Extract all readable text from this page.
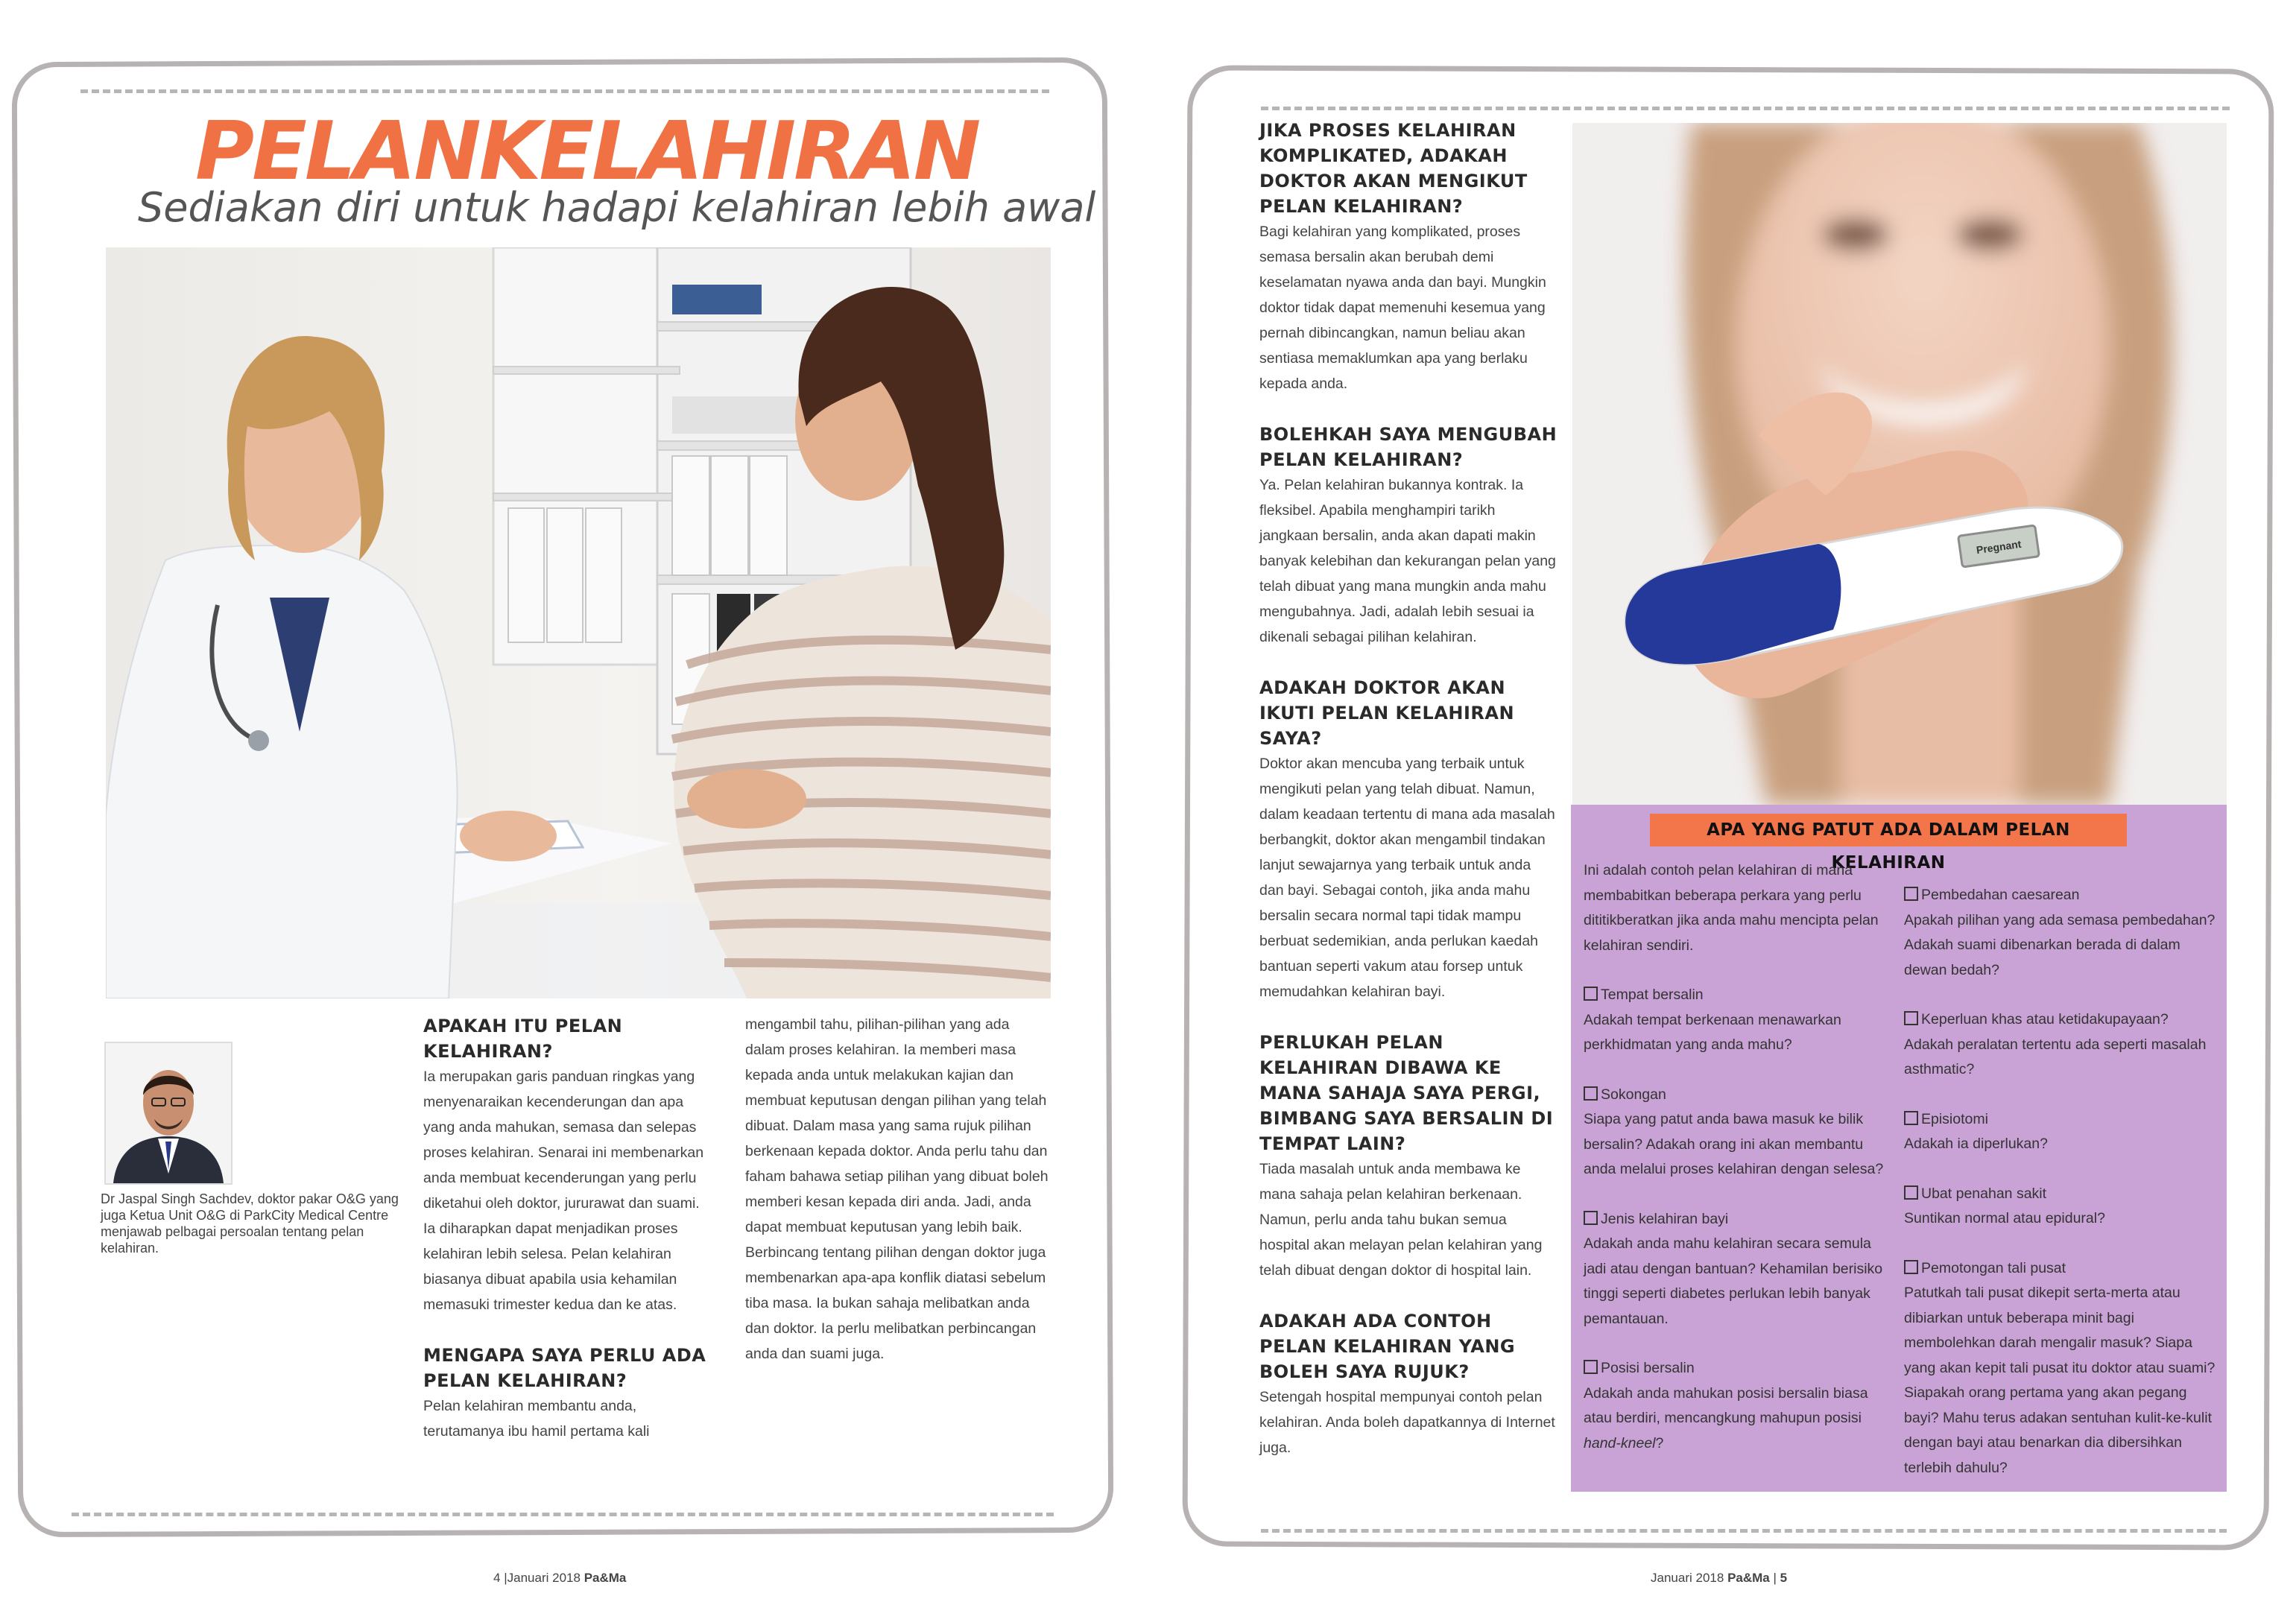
PELANKELAHIRAN
Sediakan diri untuk hadapi kelahiran lebih awal
Dr Jaspal Singh Sachdev, doktor pakar O&G yang juga Ketua Unit O&G di ParkCity Medical Centre menjawab pelbagai persoalan tentang pelan kelahiran.
APAKAH ITU PELAN KELAHIRAN?

Ia merupakan garis panduan ringkas yang menyenaraikan kecenderungan dan apa yang anda mahukan, semasa dan selepas proses kelahiran. Senarai ini membenarkan anda membuat kecenderungan yang perlu diketahui oleh doktor, jururawat dan suami. Ia diharapkan dapat menjadikan proses kelahiran lebih selesa. Pelan kelahiran biasanya dibuat apabila usia kehamilan memasuki trimester kedua dan ke atas.

MENGAPA SAYA PERLU ADA PELAN KELAHIRAN?

Pelan kelahiran membantu anda, terutamanya ibu hamil pertama kali

mengambil tahu, pilihan-pilihan yang ada dalam proses kelahiran. Ia memberi masa kepada anda untuk melakukan kajian dan membuat keputusan dengan pilihan yang telah dibuat. Dalam masa yang sama rujuk pilihan berkenaan kepada doktor. Anda perlu tahu dan faham bahawa setiap pilihan yang dibuat boleh memberi kesan kepada diri anda. Jadi, anda dapat membuat keputusan yang lebih baik. Berbincang tentang pilihan dengan doktor juga membenarkan apa-apa konflik diatasi sebelum tiba masa. Ia bukan sahaja melibatkan anda dan doktor. Ia perlu melibatkan perbincangan anda dan suami juga.

4 |Januari 2018 Pa&Ma
JIKA PROSES KELAHIRAN KOMPLIKATED, ADAKAH DOKTOR AKAN MENGIKUT PELAN KELAHIRAN?

Bagi kelahiran yang komplikated, proses semasa bersalin akan berubah demi keselamatan nyawa anda dan bayi. Mungkin doktor tidak dapat memenuhi kesemua yang pernah dibincangkan, namun beliau akan sentiasa memaklumkan apa yang berlaku kepada anda.

BOLEHKAH SAYA MENGUBAH PELAN KELAHIRAN?

Ya. Pelan kelahiran bukannya kontrak. Ia fleksibel. Apabila menghampiri tarikh jangkaan bersalin, anda akan dapati makin banyak kelebihan dan kekurangan pelan yang telah dibuat yang mana mungkin anda mahu mengubahnya. Jadi, adalah lebih sesuai ia dikenali sebagai pilihan kelahiran.

ADAKAH DOKTOR AKAN IKUTI PELAN KELAHIRAN SAYA?

Doktor akan mencuba yang terbaik untuk mengikuti pelan yang telah dibuat. Namun, dalam keadaan tertentu di mana ada masalah berbangkit, doktor akan mengambil tindakan lanjut sewajarnya yang terbaik untuk anda dan bayi. Sebagai contoh, jika anda mahu bersalin secara normal tapi tidak mampu berbuat sedemikian, anda perlukan kaedah bantuan seperti vakum atau forsep untuk memudahkan kelahiran bayi.

PERLUKAH PELAN KELAHIRAN DIBAWA KE MANA SAHAJA SAYA PERGI, BIMBANG SAYA BERSALIN DI TEMPAT LAIN?

Tiada masalah untuk anda membawa ke mana sahaja pelan kelahiran berkenaan. Namun, perlu anda tahu bukan semua hospital akan melayan pelan kelahiran yang telah dibuat dengan doktor di hospital lain.

ADAKAH ADA CONTOH PELAN KELAHIRAN YANG BOLEH SAYA RUJUK?

Setengah hospital mempunyai contoh pelan kelahiran. Anda boleh dapatkannya di Internet juga.

Pregnant
APA YANG PATUT ADA DALAM PELAN KELAHIRAN

Ini adalah contoh pelan kelahiran di mana membabitkan beberapa perkara yang perlu dititikberatkan jika anda mahu mencipta pelan kelahiran sendiri.

Tempat bersalin

Adakah tempat berkenaan menawarkan perkhidmatan yang anda mahu?

Sokongan

Siapa yang patut anda bawa masuk ke bilik bersalin? Adakah orang ini akan membantu anda melalui proses kelahiran dengan selesa?

Jenis kelahiran bayi

Adakah anda mahu kelahiran secara semula jadi atau dengan bantuan? Kehamilan berisiko tinggi seperti diabetes perlukan lebih banyak pemantauan.

Posisi bersalin

Adakah anda mahukan posisi bersalin biasa atau berdiri, mencangkung mahupun posisi hand-kneel?

Pembedahan caesarean

Apakah pilihan yang ada semasa pembedahan? Adakah suami dibenarkan berada di dalam dewan bedah?

Keperluan khas atau ketidakupayaan?

Adakah peralatan tertentu ada seperti masalah asthmatic?

Episiotomi

Adakah ia diperlukan?

Ubat penahan sakit

Suntikan normal atau epidural?

Pemotongan tali pusat

Patutkah tali pusat dikepit serta-merta atau dibiarkan untuk beberapa minit bagi membolehkan darah mengalir masuk? Siapa yang akan kepit tali pusat itu doktor atau suami? Siapakah orang pertama yang akan pegang bayi? Mahu terus adakan sentuhan kulit-ke-kulit dengan bayi atau benarkan dia dibersihkan terlebih dahulu?

Januari 2018 Pa&Ma | 5
